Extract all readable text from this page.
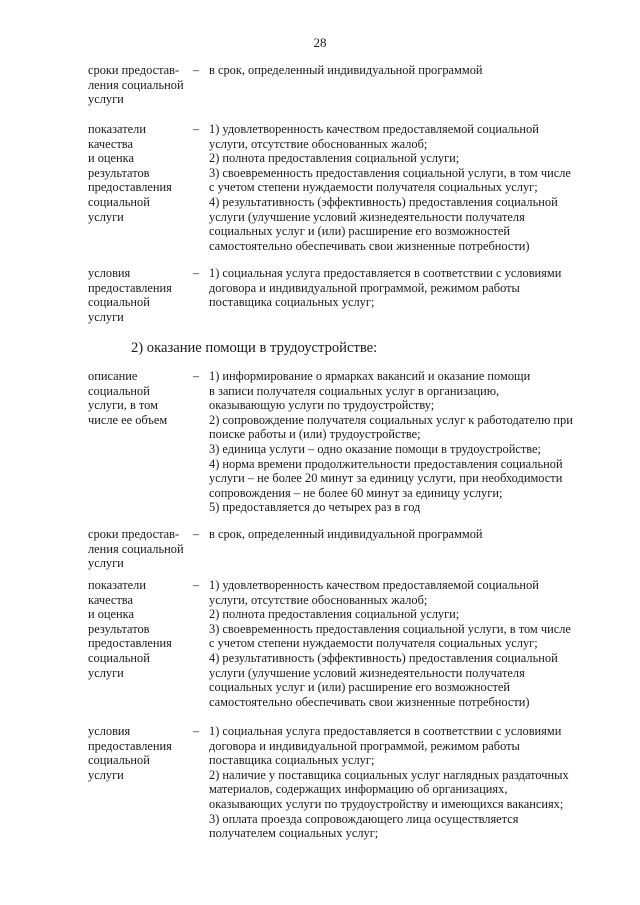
28
сроки предостав-
ления социальной
услуги
– в срок, определенный индивидуальной программой
показатели
качества
и оценка
результатов
предоставления
социальной
услуги
– 1) удовлетворенность качеством предоставляемой социальной
услуги, отсутствие обоснованных жалоб;
2) полнота предоставления социальной услуги;
3) своевременность предоставления социальной услуги, в том числе
с учетом степени нуждаемости получателя социальных услуг;
4) результативность (эффективность) предоставления социальной
услуги (улучшение условий жизнедеятельности получателя
социальных услуг и (или) расширение его возможностей
самостоятельно обеспечивать свои жизненные потребности)
условия
предоставления
социальной
услуги
– 1) социальная услуга предоставляется в соответствии с условиями
договора и индивидуальной программой, режимом работы
поставщика социальных услуг;
2) оказание помощи в трудоустройстве:
описание
социальной
услуги, в том
числе ее объем
– 1) информирование о ярмарках вакансий и оказание помощи
в записи получателя социальных услуг в организацию,
оказывающую услуги по трудоустройству;
2) сопровождение получателя социальных услуг к работодателю при
поиске работы и (или) трудоустройстве;
3) единица услуги – одно оказание помощи в трудоустройстве;
4) норма времени продолжительности предоставления социальной
услуги – не более 20 минут за единицу услуги, при необходимости
сопровождения – не более 60 минут за единицу услуги;
5) предоставляется до четырех раз в год
сроки предостав-
ления социальной
услуги
– в срок, определенный индивидуальной программой
показатели
качества
и оценка
результатов
предоставления
социальной
услуги
– 1) удовлетворенность качеством предоставляемой социальной
услуги, отсутствие обоснованных жалоб;
2) полнота предоставления социальной услуги;
3) своевременность предоставления социальной услуги, в том числе
с учетом степени нуждаемости получателя социальных услуг;
4) результативность (эффективность) предоставления социальной
услуги (улучшение условий жизнедеятельности получателя
социальных услуг и (или) расширение его возможностей
самостоятельно обеспечивать свои жизненные потребности)
условия
предоставления
социальной
услуги
– 1) социальная услуга предоставляется в соответствии с условиями
договора и индивидуальной программой, режимом работы
поставщика социальных услуг;
2) наличие у поставщика социальных услуг наглядных раздаточных
материалов, содержащих информацию об организациях,
оказывающих услуги по трудоустройству и имеющихся вакансиях;
3) оплата проезда сопровождающего лица осуществляется
получателем социальных услуг;
